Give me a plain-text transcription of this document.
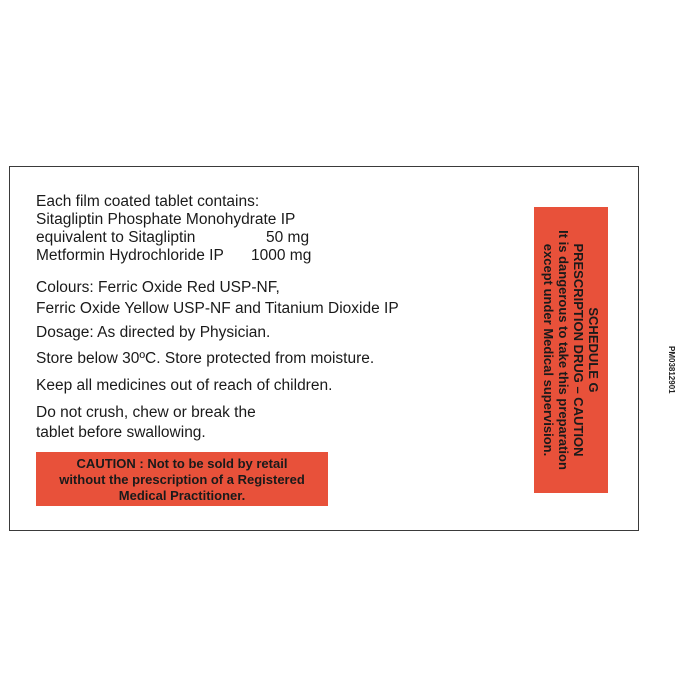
Each film coated tablet contains:
Sitagliptin Phosphate Monohydrate IP
equivalent to Sitagliptin	50 mg
Metformin Hydrochloride IP	1000 mg
Colours: Ferric Oxide Red USP-NF,
Ferric Oxide Yellow USP-NF and Titanium Dioxide IP
Dosage: As directed by Physician.
Store below 30ºC. Store protected from moisture.
Keep all medicines out of reach of children.
Do not crush, chew or break the
tablet before swallowing.
CAUTION : Not to be sold by retail
without the prescription of a Registered
Medical Practitioner.
SCHEDULE G
PRESCRIPTION DRUG – CAUTION
It is dangerous to take this preparation
except under Medical supervision.	PM0381​2901
